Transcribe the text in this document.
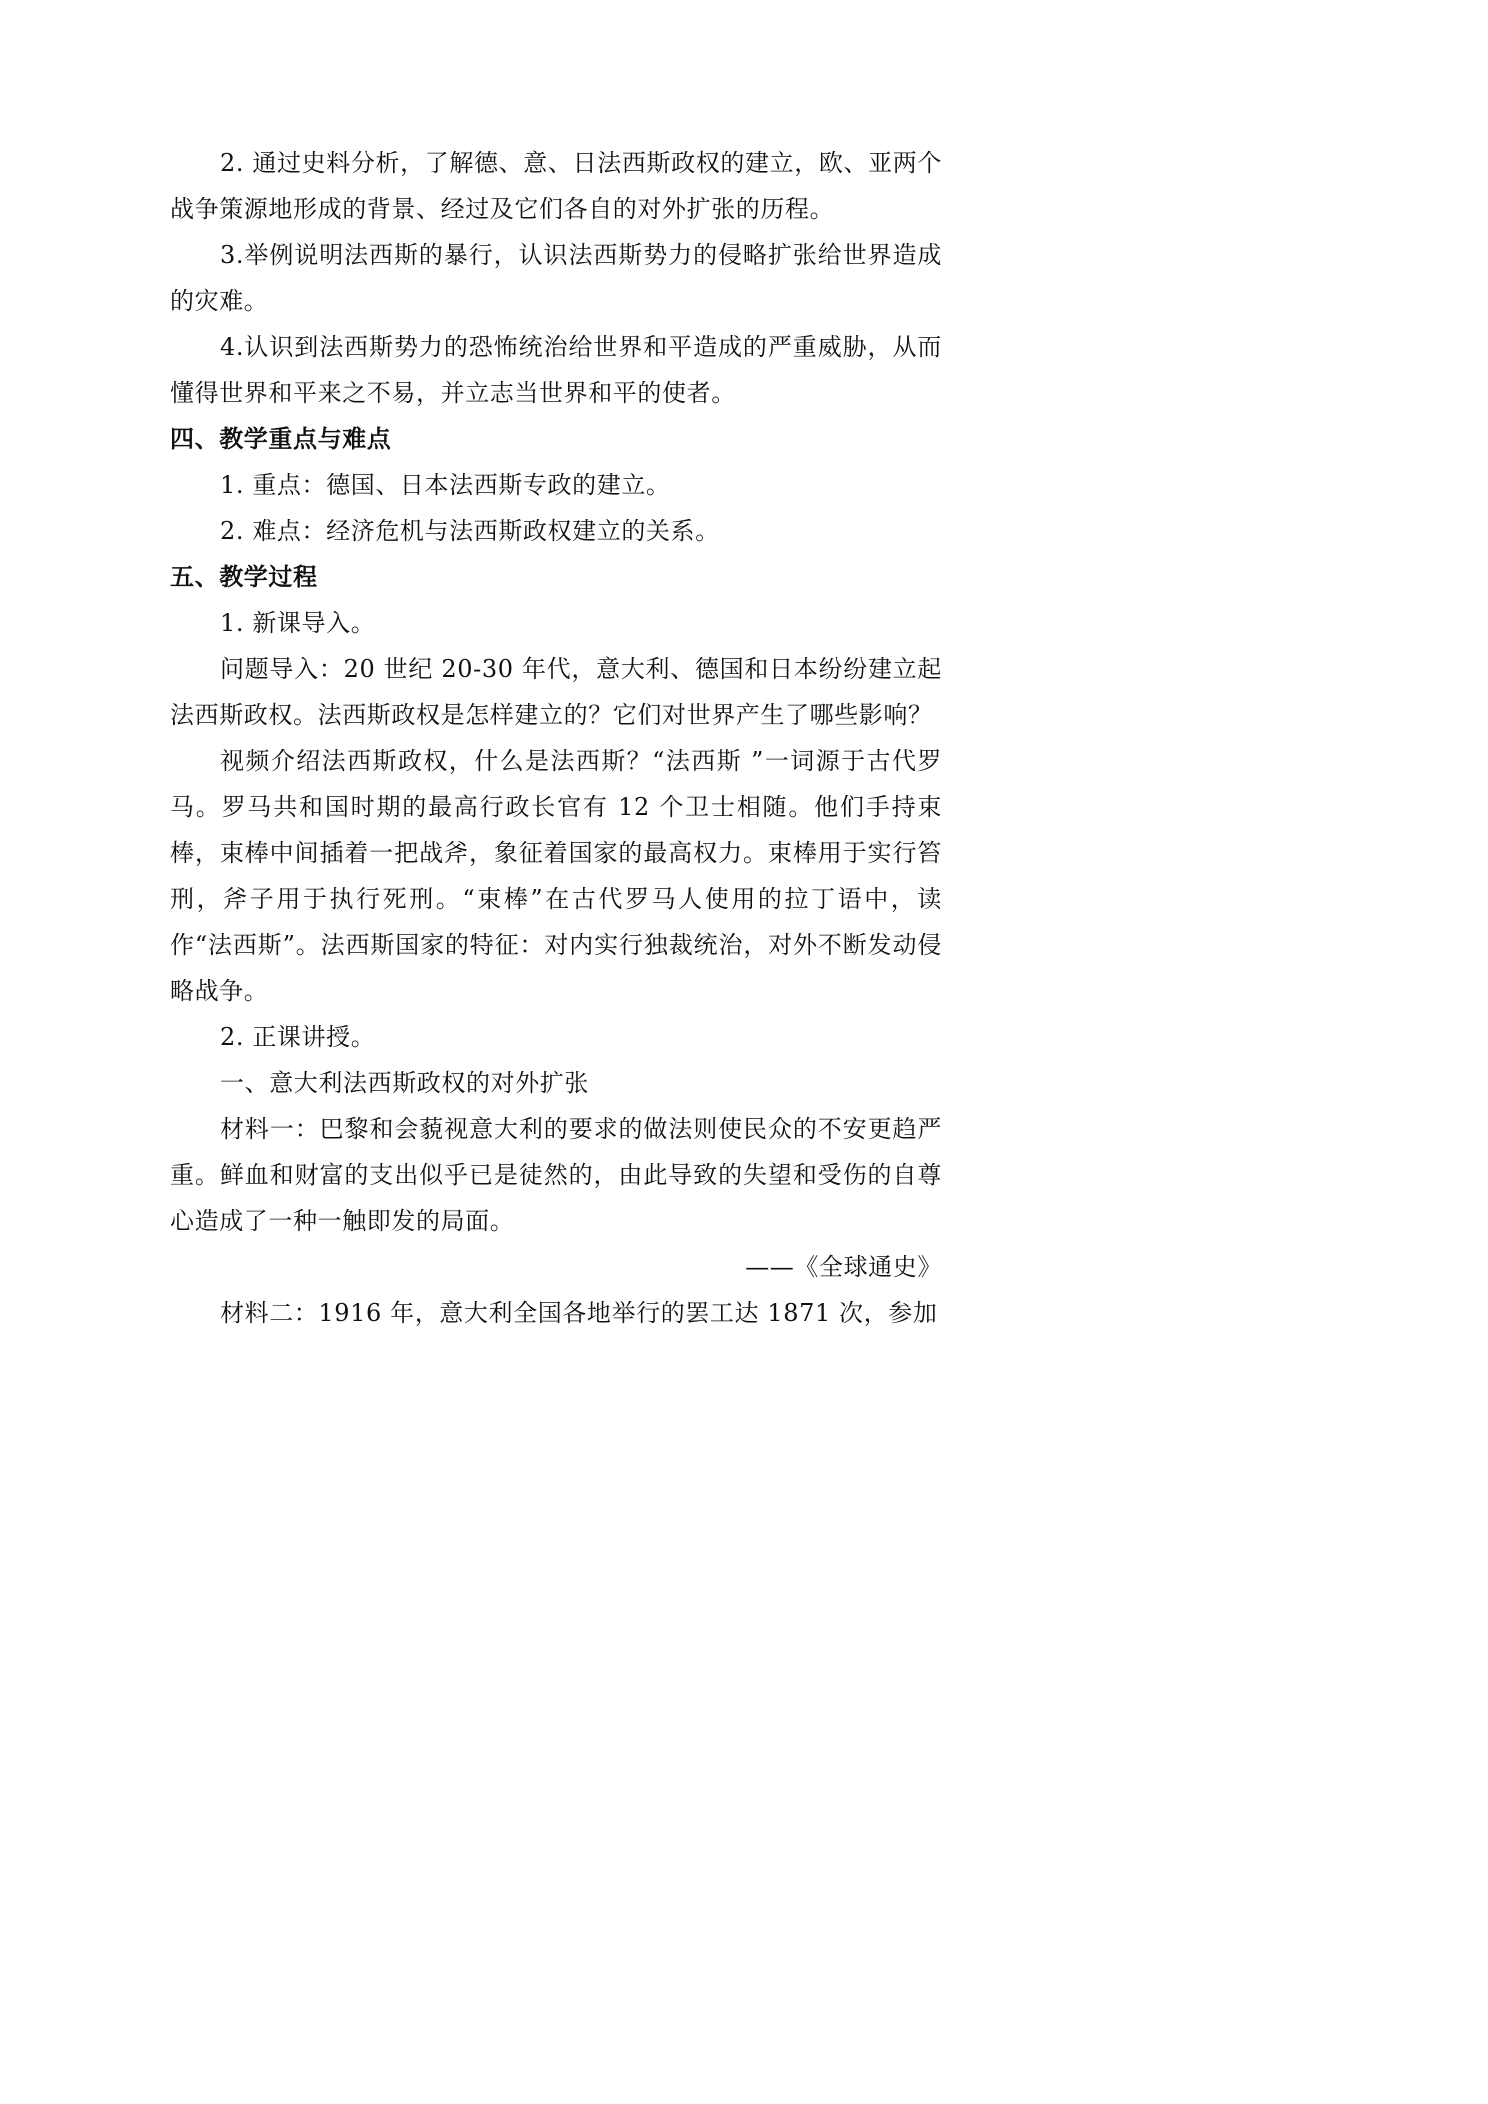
2. 通过史料分析，了解德、意、日法西斯政权的建立，欧、亚两个战争策源地形成的背景、经过及它们各自的对外扩张的历程。

3.举例说明法西斯的暴行，认识法西斯势力的侵略扩张给世界造成的灾难。

4.认识到法西斯势力的恐怖统治给世界和平造成的严重威胁，从而懂得世界和平来之不易，并立志当世界和平的使者。

四、教学重点与难点

1. 重点：德国、日本法西斯专政的建立。

2. 难点：经济危机与法西斯政权建立的关系。

五、教学过程

1. 新课导入。

问题导入：20 世纪 20-30 年代，意大利、德国和日本纷纷建立起法西斯政权。法西斯政权是怎样建立的？它们对世界产生了哪些影响？

视频介绍法西斯政权，什么是法西斯？“法西斯 ”一词源于古代罗马。罗马共和国时期的最高行政长官有 12 个卫士相随。他们手持束棒，束棒中间插着一把战斧，象征着国家的最高权力。束棒用于实行笞刑，斧子用于执行死刑。“束棒”在古代罗马人使用的拉丁语中，读作“法西斯”。法西斯国家的特征：对内实行独裁统治，对外不断发动侵略战争。

2. 正课讲授。

一、意大利法西斯政权的对外扩张

材料一：巴黎和会藐视意大利的要求的做法则使民众的不安更趋严重。鲜血和财富的支出似乎已是徒然的，由此导致的失望和受伤的自尊心造成了一种一触即发的局面。

——《全球通史》

材料二：1916 年，意大利全国各地举行的罢工达 1871 次，参加
